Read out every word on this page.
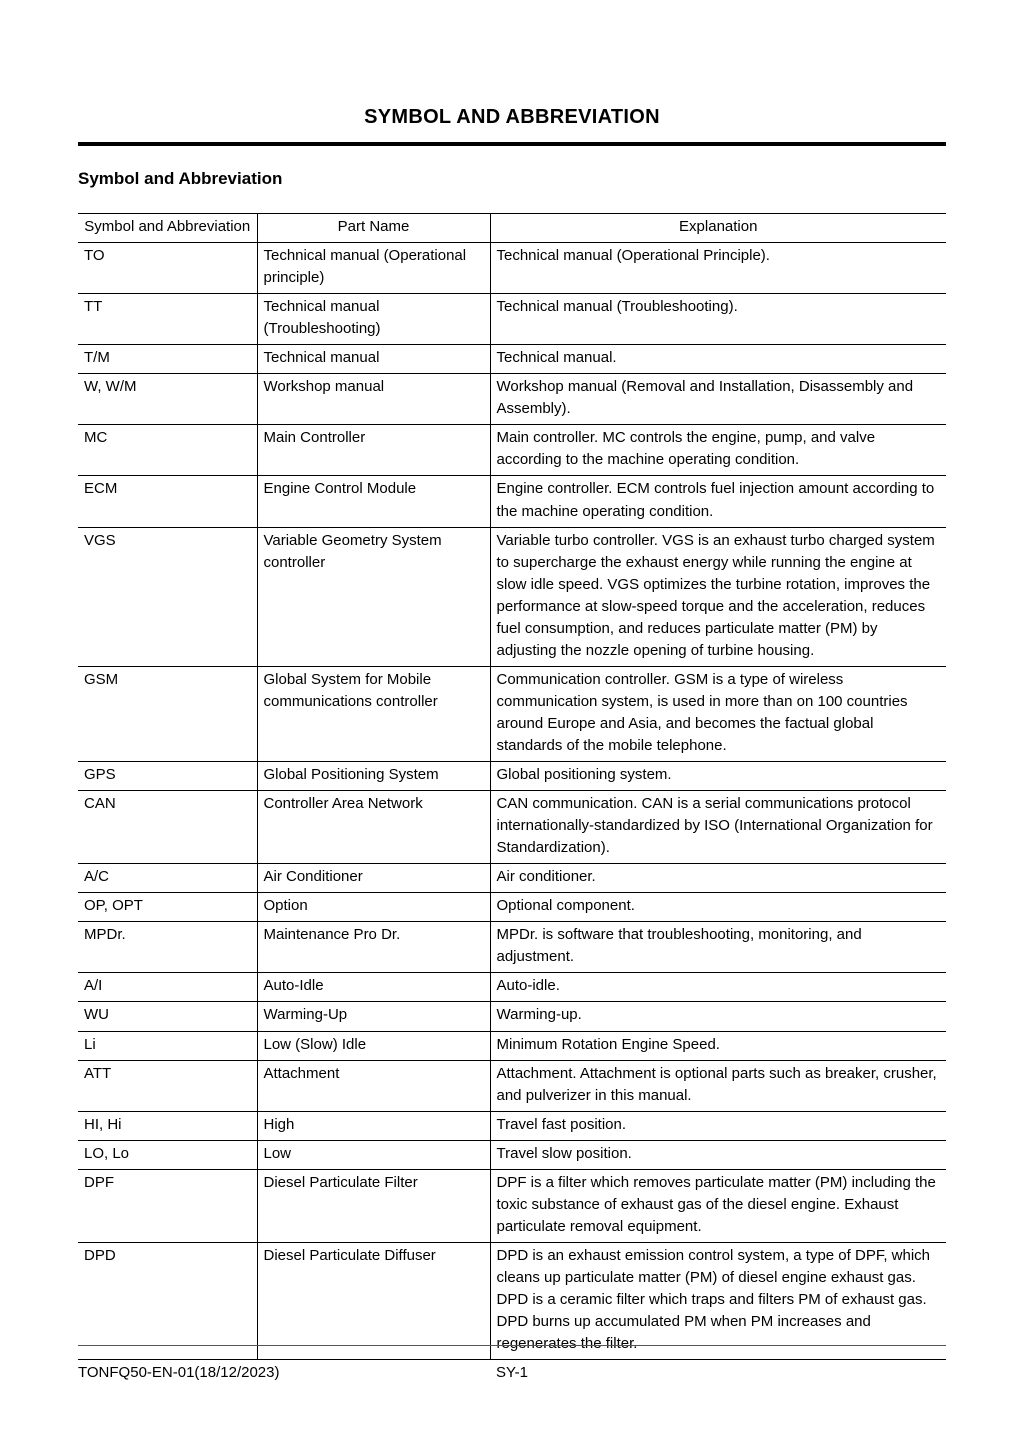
SYMBOL AND ABBREVIATION
Symbol and Abbreviation
Symbol and Abbreviation	Part Name	Explanation
TO	Technical manual (Operational principle)	Technical manual (Operational Principle).
TT	Technical manual (Troubleshooting)	Technical manual (Troubleshooting).
T/M	Technical manual	Technical manual.
W, W/M	Workshop manual	Workshop manual (Removal and Installation, Disassembly and Assembly).
MC	Main Controller	Main controller. MC controls the engine, pump, and valve according to the machine operating condition.
ECM	Engine Control Module	Engine controller. ECM controls fuel injection amount according to the machine operating condition.
VGS	Variable Geometry System controller	Variable turbo controller. VGS is an exhaust turbo charged system to supercharge the exhaust energy while running the engine at slow idle speed. VGS optimizes the turbine rotation, improves the performance at slow-speed torque and the acceleration, reduces fuel consumption, and reduces particulate matter (PM) by adjusting the nozzle opening of turbine housing.
GSM	Global System for Mobile communications controller	Communication controller. GSM is a type of wireless communication system, is used in more than on 100 countries around Europe and Asia, and becomes the factual global standards of the mobile telephone.
GPS	Global Positioning System	Global positioning system.
CAN	Controller Area Network	CAN communication. CAN is a serial communications protocol internationally-standardized by ISO (International Organization for Standardization).
A/C	Air Conditioner	Air conditioner.
OP, OPT	Option	Optional component.
MPDr.	Maintenance Pro Dr.	MPDr. is software that troubleshooting, monitoring, and adjustment.
A/I	Auto-Idle	Auto-idle.
WU	Warming-Up	Warming-up.
Li	Low (Slow) Idle	Minimum Rotation Engine Speed.
ATT	Attachment	Attachment. Attachment is optional parts such as breaker, crusher, and pulverizer in this manual.
HI, Hi	High	Travel fast position.
LO, Lo	Low	Travel slow position.
DPF	Diesel Particulate Filter	DPF is a filter which removes particulate matter (PM) including the toxic substance of exhaust gas of the diesel engine. Exhaust particulate removal equipment.
DPD	Diesel Particulate Diffuser	DPD is an exhaust emission control system, a type of DPF, which cleans up particulate matter (PM) of diesel engine exhaust gas. DPD is a ceramic filter which traps and filters PM of exhaust gas. DPD burns up accumulated PM when PM increases and regenerates the filter.
TONFQ50-EN-01(18/12/2023)	SY-1
